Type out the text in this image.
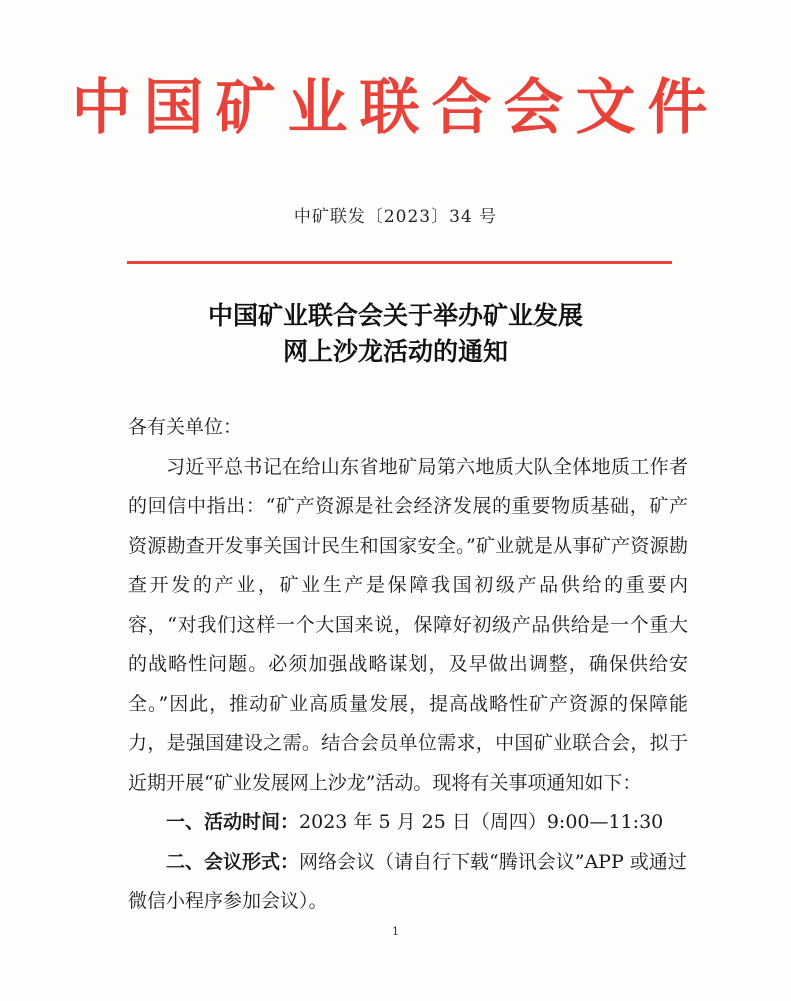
中国矿业联合会文件
中矿联发〔2023〕34 号
中国矿业联合会关于举办矿业发展
网上沙龙活动的通知

各有关单位：

习近平总书记在给山东省地矿局第六地质大队全体地质工作者的回信中指出：“矿产资源是社会经济发展的重要物质基础，矿产资源勘查开发事关国计民生和国家安全。”矿业就是从事矿产资源勘查开发的产业，矿业生产是保障我国初级产品供给的重要内容，“对我们这样一个大国来说，保障好初级产品供给是一个重大的战略性问题。必须加强战略谋划，及早做出调整，确保供给安全。”因此，推动矿业高质量发展，提高战略性矿产资源的保障能力，是强国建设之需。结合会员单位需求，中国矿业联合会，拟于近期开展“矿业发展网上沙龙”活动。现将有关事项通知如下：

一、活动时间：2023 年 5 月 25 日（周四）9:00—11:30

二、会议形式：网络会议（请自行下载“腾讯会议”APP 或通过微信小程序参加会议）。

1
